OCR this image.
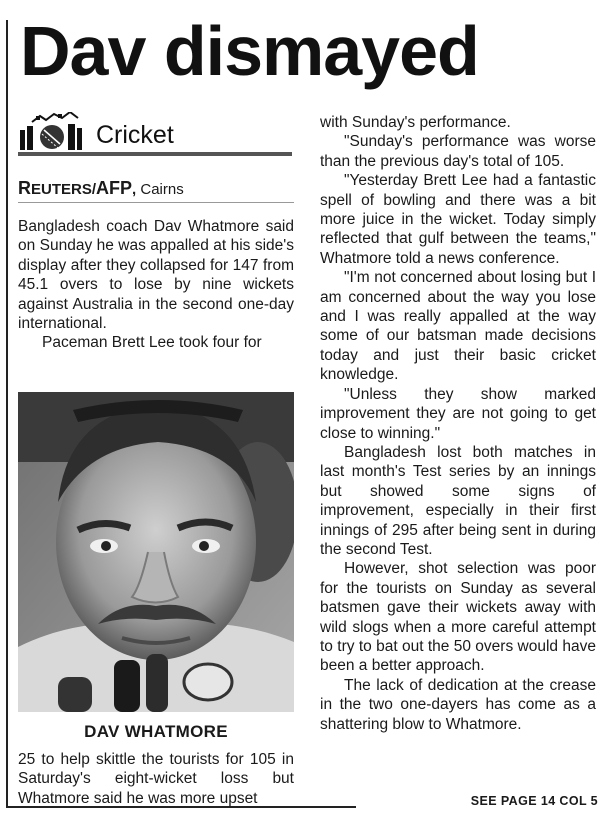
Dav dismayed
Cricket
REUTERS/AFP, Cairns

Bangladesh coach Dav Whatmore said on Sunday he was appalled at his side's display after they collapsed for 147 from 45.1 overs to lose by nine wickets against Australia in the second one-day international.

Paceman Brett Lee took four for

DAV WHATMORE

25 to help skittle the tourists for 105 in Saturday's eight-wicket loss but Whatmore said he was more upset

with Sunday's performance.

"Sunday's performance was worse than the previous day's total of 105.

"Yesterday Brett Lee had a fantastic spell of bowling and there was a bit more juice in the wicket. Today simply reflected that gulf between the teams," Whatmore told a news conference.

"I'm not concerned about losing but I am concerned about the way you lose and I was really appalled at the way some of our batsman made decisions today and just their basic cricket knowledge.

"Unless they show marked improvement they are not going to get close to winning."

Bangladesh lost both matches in last month's Test series by an innings but showed some signs of improvement, especially in their first innings of 295 after being sent in during the second Test.

However, shot selection was poor for the tourists on Sunday as several batsmen gave their wickets away with wild slogs when a more careful attempt to try to bat out the 50 overs would have been a better approach.

The lack of dedication at the crease in the two one-dayers has come as a shattering blow to Whatmore.

SEE PAGE 14 COL 5
